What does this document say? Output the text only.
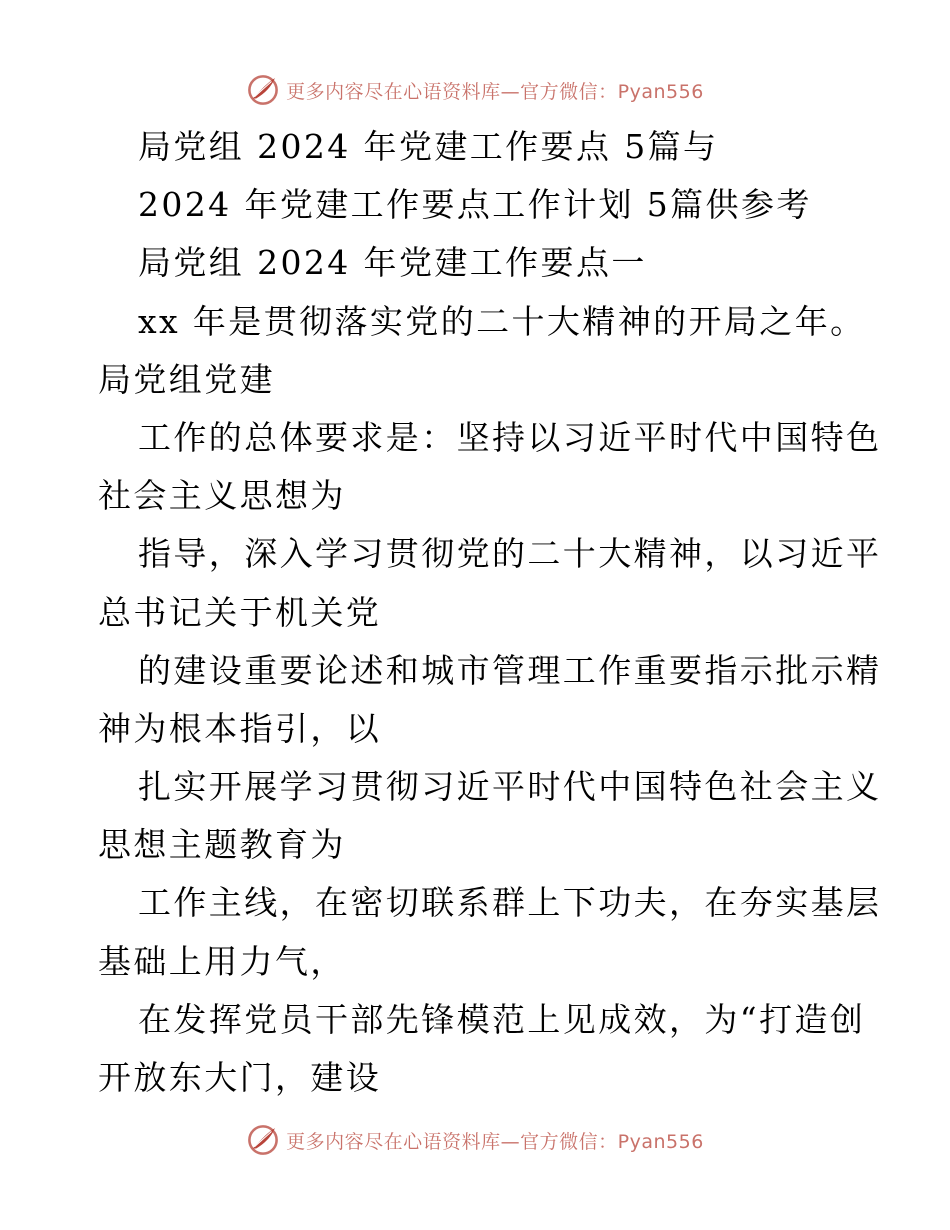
更多内容尽在心语资料库—官方微信：Pyan556
局党组 2024 年党建工作要点 5篇与
2024 年党建工作要点工作计划 5篇供参考
局党组 2024 年党建工作要点一
xx 年是贯彻落实党的二十大精神的开局之年。
局党组党建
工作的总体要求是：坚持以习近平时代中国特色
社会主义思想为
指导，深入学习贯彻党的二十大精神，以习近平
总书记关于机关党
的建设重要论述和城市管理工作重要指示批示精
神为根本指引，以
扎实开展学习贯彻习近平时代中国特色社会主义
思想主题教育为
工作主线，在密切联系群上下功夫，在夯实基层
基础上用力气，
在发挥党员干部先锋模范上见成效，为“打造创
开放东大门，建设
更多内容尽在心语资料库—官方微信：Pyan556
